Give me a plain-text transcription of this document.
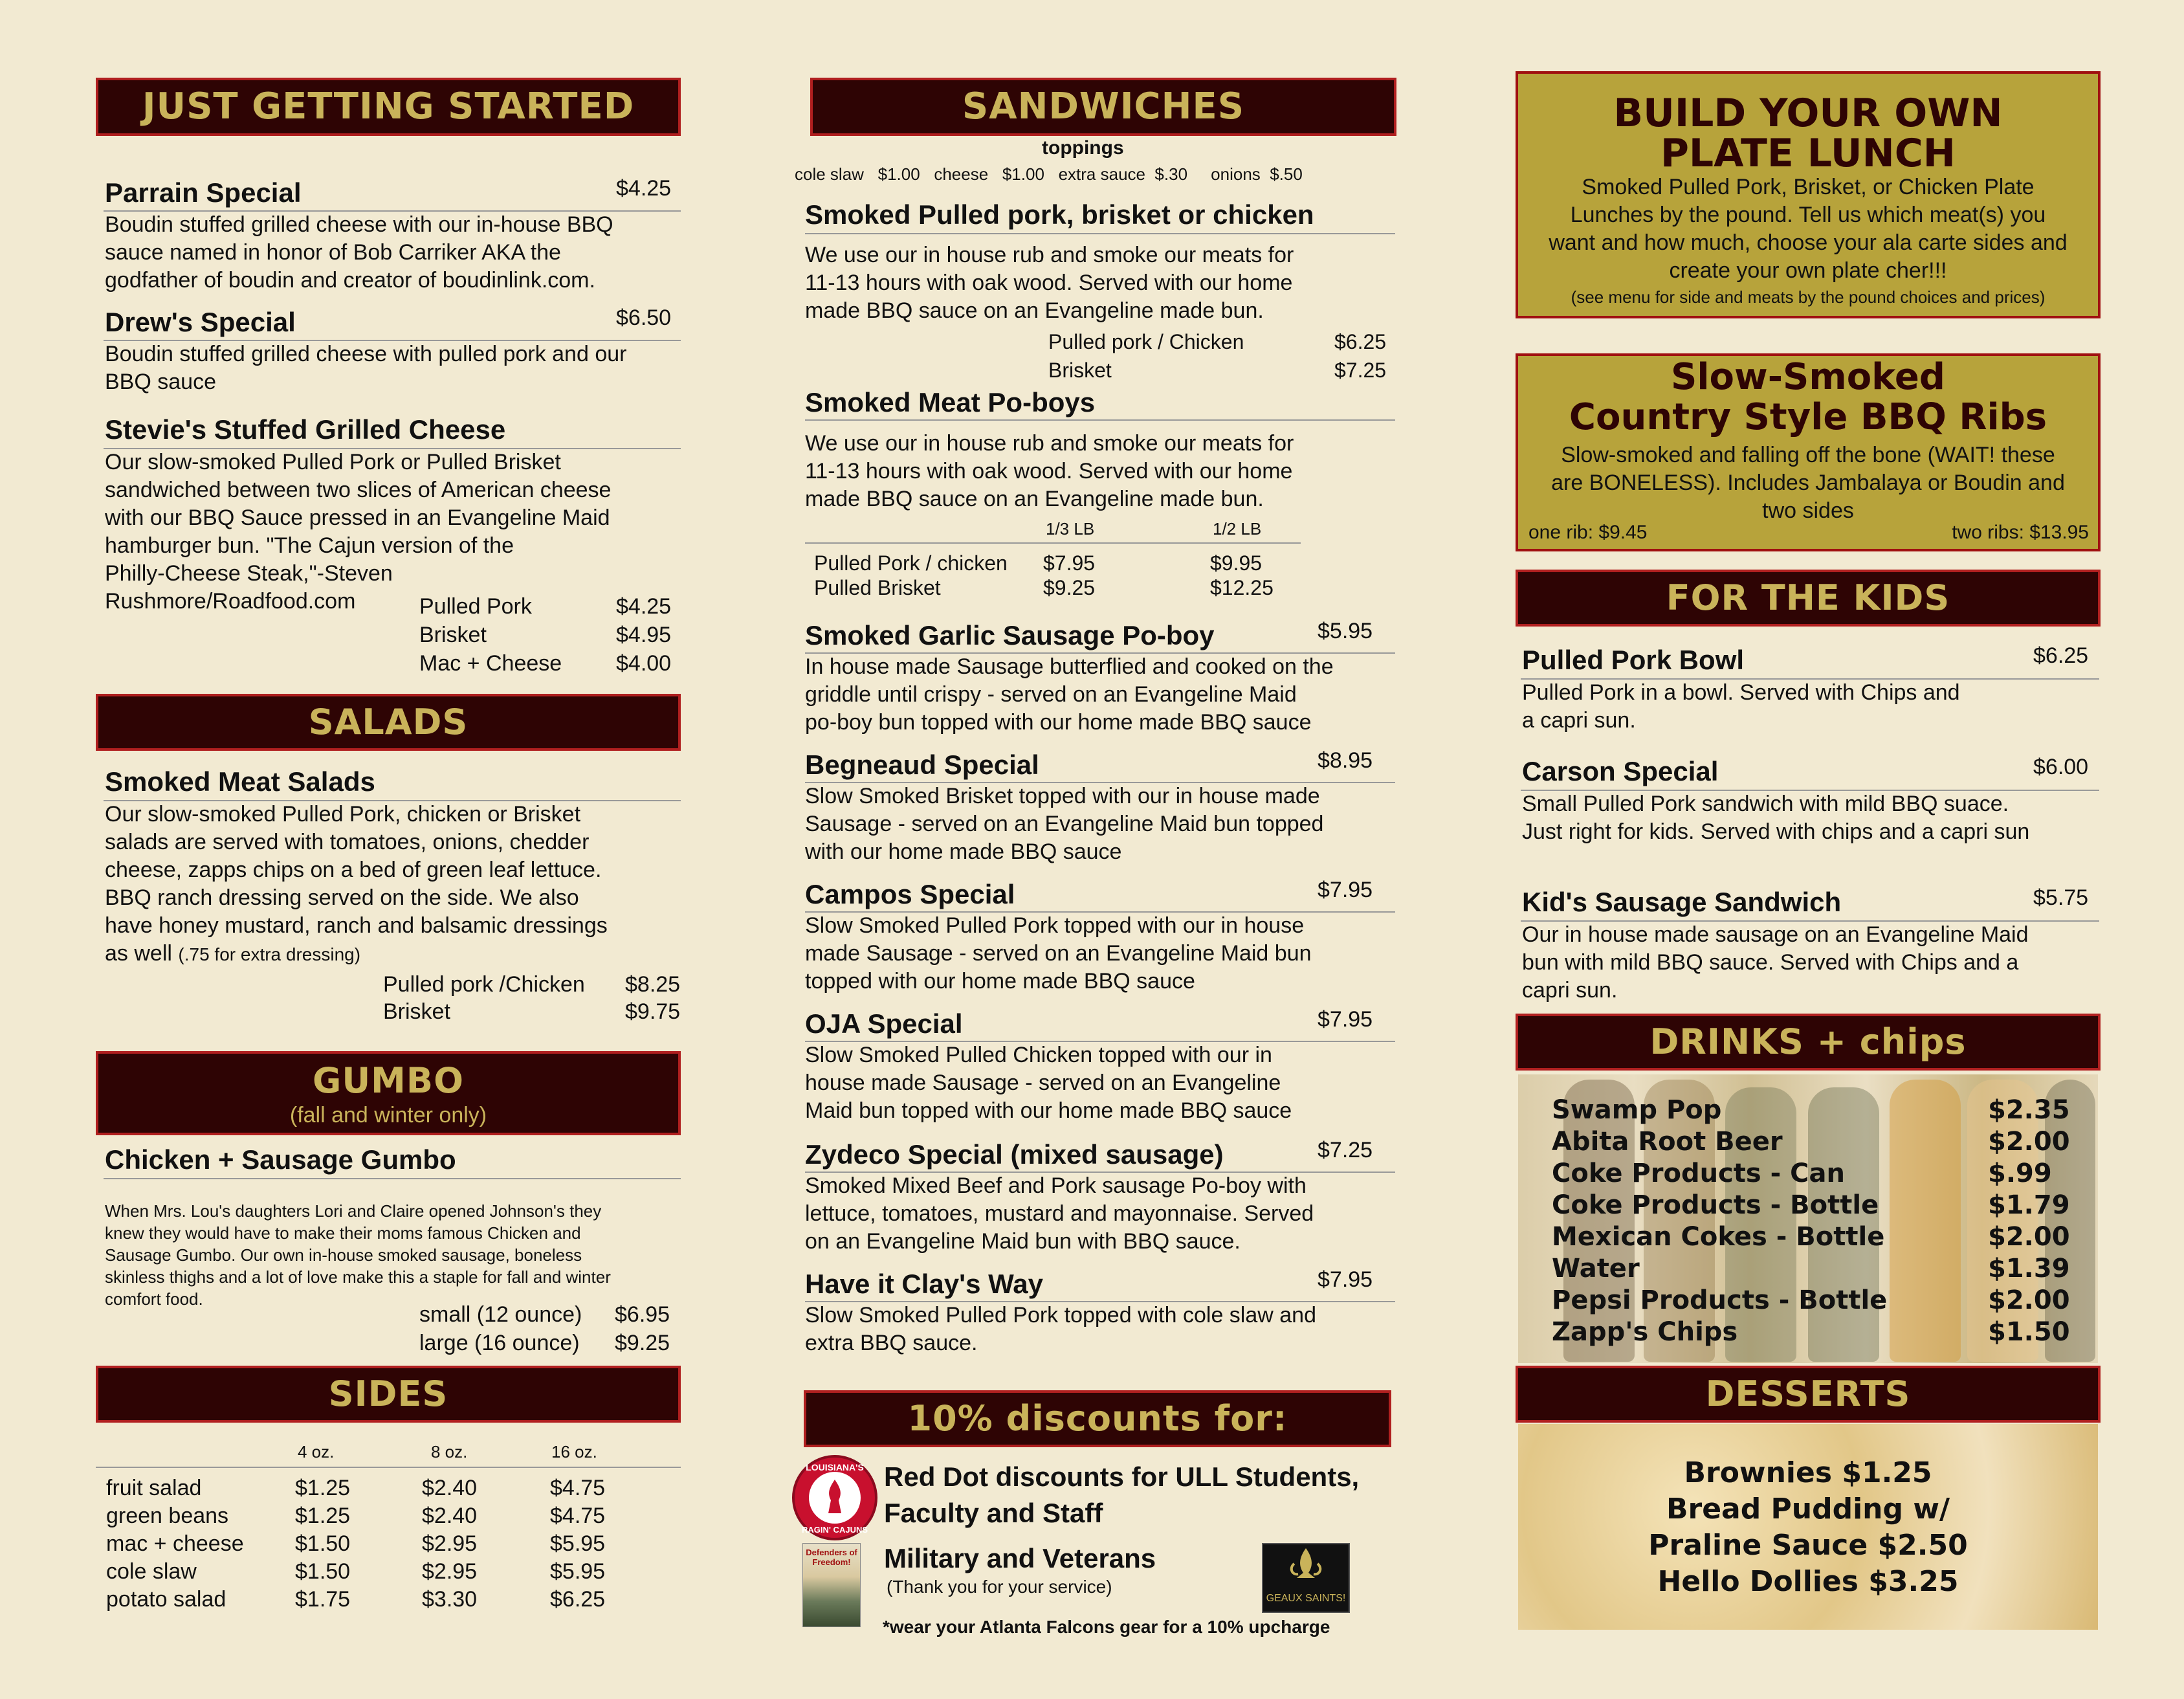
JUST GETTING STARTED
Parrain Special	$4.25
Boudin stuffed grilled cheese with our in-house BBQ
sauce named in honor of Bob Carriker AKA the
godfather of boudin and creator of boudinlink.com.
Drew's Special	$6.50
Boudin stuffed grilled cheese with pulled pork and our
BBQ sauce
Stevie's Stuffed Grilled Cheese
Our slow-smoked Pulled Pork or Pulled Brisket
sandwiched between two slices of American cheese
with our BBQ Sauce pressed in an Evangeline Maid
hamburger bun. "The Cajun version of the
Philly-Cheese Steak,"-Steven
Rushmore/Roadfood.com	Pulled Pork	$4.25
Brisket	$4.95
Mac + Cheese $4.00
SALADS
Smoked Meat Salads
Our slow-smoked Pulled Pork, chicken or Brisket
salads are served with tomatoes, onions, chedder
cheese, zapps chips on a bed of green leaf lettuce.
BBQ ranch dressing served on the side. We also
have honey mustard, ranch and balsamic dressings
as well (.75 for extra dressing)
Pulled pork /Chicken $8.25
Brisket	$9.75
GUMBO
(fall and winter only)
Chicken + Sausage Gumbo
When Mrs. Lou's daughters Lori and Claire opened Johnson's they
knew they would have to make their moms famous Chicken and
Sausage Gumbo. Our own in-house smoked sausage, boneless
skinless thighs and a lot of love make this a staple for fall and winter
comfort food.
small (12 ounce) $6.95
large (16 ounce) $9.25
SIDES
4 oz.	8 oz.	16 oz.
fruit salad	$1.25	$2.40	$4.75
green beans	$1.25	$2.40	$4.75
mac + cheese $1.50	$2.95	$5.95
cole slaw	$1.50	$2.95	$5.95
potato salad	$1.75	$3.30	$6.25
SANDWICHES
toppings
cole slaw   $1.00   cheese   $1.00   extra sauce  $.30     onions  $.50
Smoked Pulled pork, brisket or chicken
We use our in house rub and smoke our meats for
11-13 hours with oak wood. Served with our home
made BBQ sauce on an Evangeline made bun.
Pulled pork / Chicken	$6.25
Brisket	$7.25
Smoked Meat Po-boys
We use our in house rub and smoke our meats for
11-13 hours with oak wood. Served with our home
made BBQ sauce on an Evangeline made bun.
1/3 LB	1/2 LB
Pulled Pork / chicken $7.95	$9.95
Pulled Brisket	$9.25	$12.25
Smoked Garlic Sausage Po-boy	$5.95
In house made Sausage butterflied and cooked on the
griddle until crispy - served on an Evangeline Maid
po-boy bun topped with our home made BBQ sauce
Begneaud Special	$8.95
Slow Smoked Brisket topped with our in house made
Sausage - served on an Evangeline Maid bun topped
with our home made BBQ sauce
Campos Special	$7.95
Slow Smoked Pulled Pork topped with our in house
made Sausage - served on an Evangeline Maid bun
topped with our home made BBQ sauce
OJA Special	$7.95
Slow Smoked Pulled Chicken topped with our in
house made Sausage - served on an Evangeline
Maid bun topped with our home made BBQ sauce
Zydeco Special (mixed sausage)	$7.25
Smoked Mixed Beef and Pork sausage Po-boy with
lettuce, tomatoes, mustard and mayonnaise. Served
on an Evangeline Maid bun with BBQ sauce.
Have it Clay's Way	$7.95
Slow Smoked Pulled Pork topped with cole slaw and
extra BBQ sauce.
10% discounts for:
LOUISIANA'S
RAGIN' CAJUNS
Red Dot discounts for ULL Students,
Faculty and Staff
Defenders of Freedom!	Military and Veterans
(Thank you for your service)
GEAUX SAINTS!
*wear your Atlanta Falcons gear for a 10% upcharge
BUILD YOUR OWN
PLATE LUNCH
Smoked Pulled Pork, Brisket, or Chicken Plate
Lunches by the pound. Tell us which meat(s) you
want and how much, choose your ala carte sides and
create your own plate cher!!!
(see menu for side and meats by the pound choices and prices)
Slow-Smoked
Country Style BBQ Ribs
Slow-smoked and falling off the bone (WAIT! these
are BONELESS). Includes Jambalaya or Boudin and
two sides
one rib: $9.45	two ribs: $13.95
FOR THE KIDS
Pulled Pork Bowl	$6.25
Pulled Pork in a bowl. Served with Chips and
a capri sun.
Carson Special	$6.00
Small Pulled Pork sandwich with mild BBQ suace.
Just right for kids. Served with chips and a capri sun
Kid's Sausage Sandwich	$5.75
Our in house made sausage on an Evangeline Maid
bun with mild BBQ sauce. Served with Chips and a
capri sun.
DRINKS + chips
Swamp Pop	$2.35
Abita Root Beer	$2.00
Coke Products - Can	$.99
Coke Products - Bottle	$1.79
Mexican Cokes - Bottle	$2.00
Water	$1.39
Pepsi Products - Bottle	$2.00
Zapp's Chips	$1.50
DESSERTS
Brownies $1.25
Bread Pudding w/
Praline Sauce $2.50
Hello Dollies $3.25
